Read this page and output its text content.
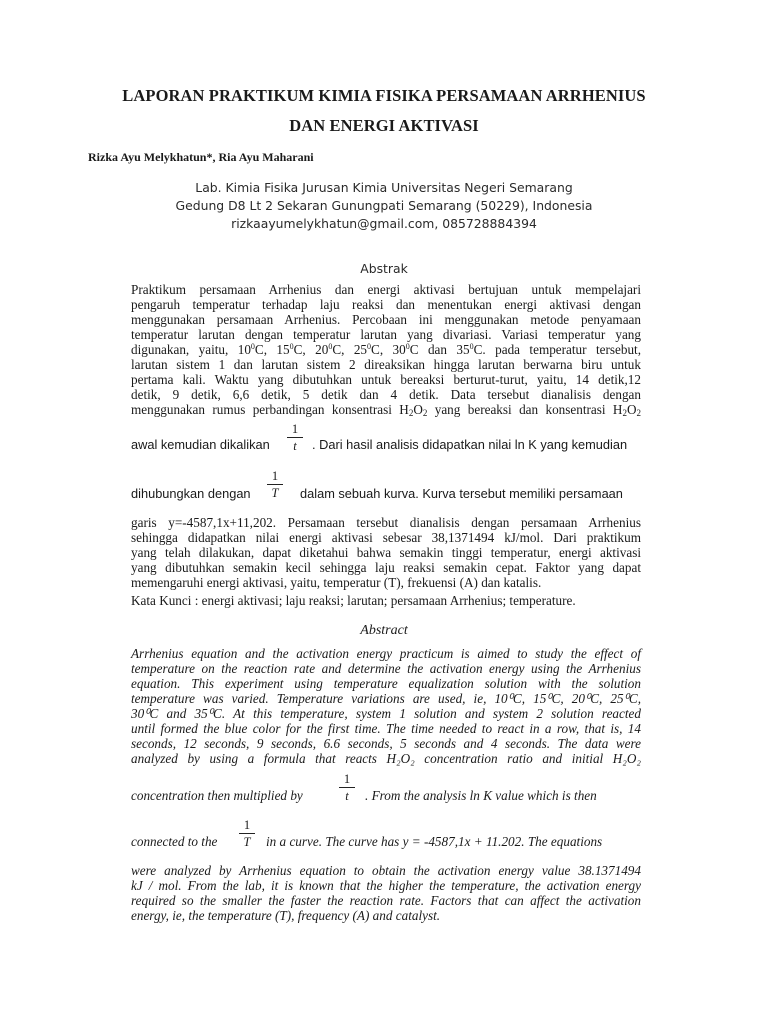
LAPORAN PRAKTIKUM KIMIA FISIKA PERSAMAAN ARRHENIUS
DAN ENERGI AKTIVASI
Rizka Ayu Melykhatun*, Ria Ayu Maharani
Lab. Kimia Fisika Jurusan Kimia Universitas Negeri Semarang
Gedung D8 Lt 2 Sekaran Gunungpati Semarang (50229), Indonesia
rizkaayumelykhatun@gmail.com, 085728884394
Abstrak
Praktikum persamaan Arrhenius dan energi aktivasi bertujuan untuk mempelajari
pengaruh temperatur terhadap laju reaksi dan menentukan energi aktivasi dengan
menggunakan persamaan Arrhenius. Percobaan ini menggunakan metode penyamaan
temperatur larutan dengan temperatur larutan yang divariasi. Variasi temperatur yang
digunakan, yaitu, $10^0C$, $15^0C$, $20^0C$, $25^0C$, $30^0C$ dan $35^0C$. pada temperatur tersebut,
larutan sistem 1 dan larutan sistem 2 direaksikan hingga larutan berwarna biru untuk
pertama kali. Waktu yang dibutuhkan untuk bereaksi berturut-turut, yaitu, 14 detik,12
detik, 9 detik, 6,6 detik, 5 detik dan 4 detik. Data tersebut dianalisis dengan
menggunakan rumus perbandingan konsentrasi $H_2O_2$ yang bereaksi dan konsentrasi $H_2O_2$
awal kemudian dikalikan
1
t	. Dari hasil analisis didapatkan nilai ln K yang kemudian
dihubungkan dengan
1
T	dalam sebuah kurva. Kurva tersebut memiliki persamaan
garis y=-4587,1x+11,202. Persamaan tersebut dianalisis dengan persamaan Arrhenius
sehingga didapatkan nilai energi aktivasi sebesar 38,1371494 kJ/mol. Dari praktikum
yang telah dilakukan, dapat diketahui bahwa semakin tinggi temperatur, energi aktivasi
yang dibutuhkan semakin kecil sehingga laju reaksi semakin cepat. Faktor yang dapat
memengaruhi energi aktivasi, yaitu, temperatur (T), frekuensi (A) dan katalis.
Kata Kunci : energi aktivasi; laju reaksi; larutan; persamaan Arrhenius; temperature.
Abstract
Arrhenius equation and the activation energy practicum is aimed to study the effect of
temperature on the reaction rate and determine the activation energy using the Arrhenius
equation. This experiment using temperature equalization solution with the solution
temperature was varied. Temperature variations are used, ie, 10⁰C, 15⁰C, 20⁰C, 25⁰C,
30⁰C and 35⁰C. At this temperature, system 1 solution and system 2 solution reacted
until formed the blue color for the first time. The time needed to react in a row, that is, 14
seconds, 12 seconds, 9 seconds, 6.6 seconds, 5 seconds and 4 seconds. The data were
analyzed by using a formula that reacts H₂O₂ concentration ratio and initial H₂O₂
concentration then multiplied by
1
t	. From the analysis ln K value which is then
connected to the
1
T	in a curve. The curve has y = -4587,1x + 11.202. The equations
were analyzed by Arrhenius equation to obtain the activation energy value 38.1371494
kJ / mol. From the lab, it is known that the higher the temperature, the activation energy
required so the smaller the faster the reaction rate. Factors that can affect the activation
energy, ie, the temperature (T), frequency (A) and catalyst.
